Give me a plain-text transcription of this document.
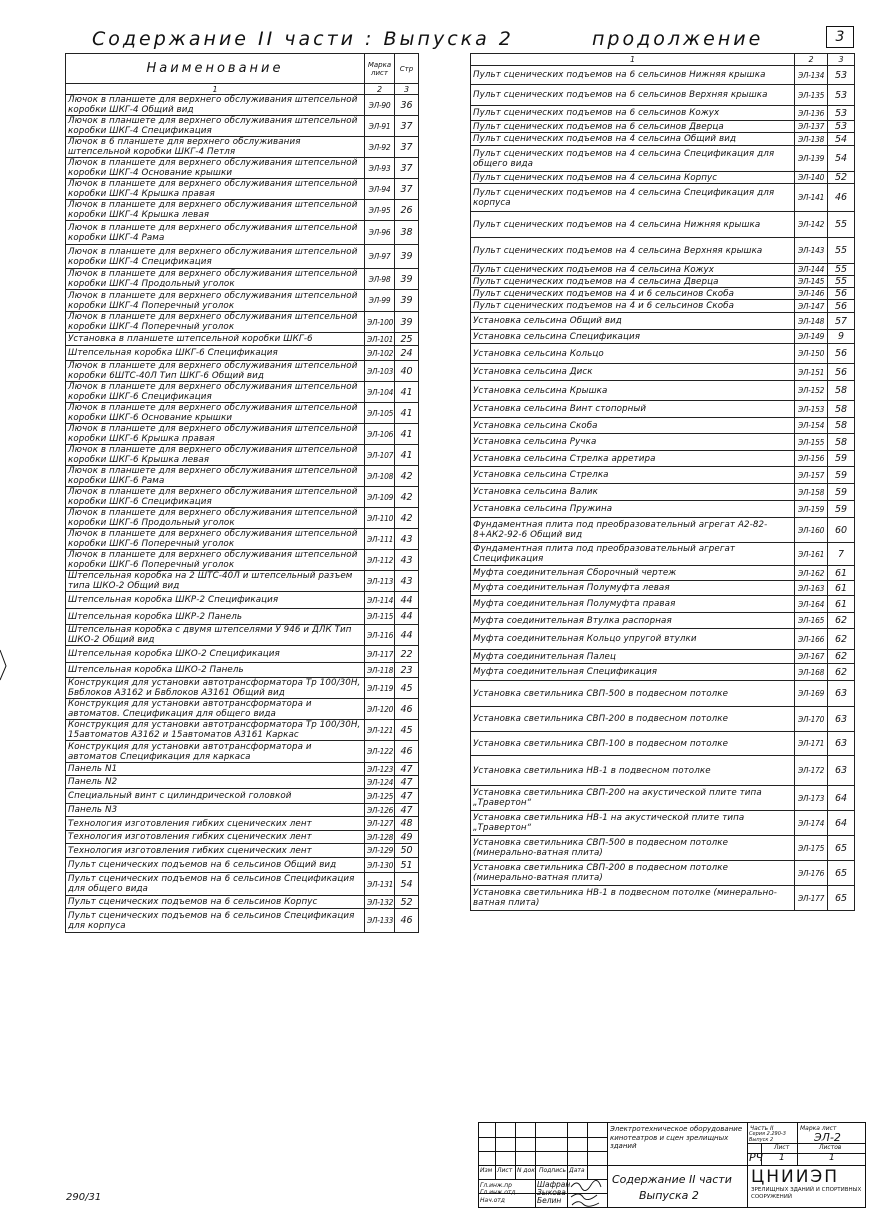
Содержание II части : Выпуска 2	продолжение	3
Наименование	Марка лист	Стр
1	2	3
Лючок в планшете для верхнего обслуживания штепсельной коробки ШКГ-4 Общий вид	ЭЛ-90	36
Лючок в планшете для верхнего обслуживания штепсельной коробки ШКГ-4 Спецификация	ЭЛ-91	37
Лючок в 6 планшете для верхнего обслуживания штепсельной коробки ШКГ-4 Петля	ЭЛ-92	37
Лючок в планшете для верхнего обслуживания штепсельной коробки ШКГ-4 Основание крышки	ЭЛ-93	37
Лючок в планшете для верхнего обслуживания штепсельной коробки ШКГ-4 Крышка правая	ЭЛ-94	37
Лючок в планшете для верхнего обслуживания штепсельной коробки ШКГ-4 Крышка левая	ЭЛ-95	26
Лючок в планшете для верхнего обслуживания штепсельной коробки ШКГ-4 Рама	ЭЛ-96	38
Лючок в планшете для верхнего обслуживания штепсельной коробки ШКГ-4 Спецификация	ЭЛ-97	39
Лючок в планшете для верхнего обслуживания штепсельной коробки ШКГ-4 Продольный уголок	ЭЛ-98	39
Лючок в планшете для верхнего обслуживания штепсельной коробки ШКГ-4 Поперечный уголок	ЭЛ-99	39
Лючок в планшете для верхнего обслуживания штепсельной коробки ШКГ-4 Поперечный уголок	ЭЛ-100	39
Установка в планшете штепсельной коробки ШКГ-6	ЭЛ-101	25
Штепсельная коробка ШКГ-6 Спецификация	ЭЛ-102	24
Лючок в планшете для верхнего обслуживания штепсельной коробки 6ШТС-40Л Тип ШКГ-6 Общий вид	ЭЛ-103	40
Лючок в планшете для верхнего обслуживания штепсельной коробки ШКГ-6 Спецификация	ЭЛ-104	41
Лючок в планшете для верхнего обслуживания штепсельной коробки ШКГ-6 Основание крышки	ЭЛ-105	41
Лючок в планшете для верхнего обслуживания штепсельной коробки ШКГ-6 Крышка правая	ЭЛ-106	41
Лючок в планшете для верхнего обслуживания штепсельной коробки ШКГ-6 Крышка левая	ЭЛ-107	41
Лючок в планшете для верхнего обслуживания штепсельной коробки ШКГ-6 Рама	ЭЛ-108	42
Лючок в планшете для верхнего обслуживания штепсельной коробки ШКГ-6 Спецификация	ЭЛ-109	42
Лючок в планшете для верхнего обслуживания штепсельной коробки ШКГ-6 Продольный уголок	ЭЛ-110	42
Лючок в планшете для верхнего обслуживания штепсельной коробки ШКГ-6 Поперечный уголок	ЭЛ-111	43
Лючок в планшете для верхнего обслуживания штепсельной коробки ШКГ-6 Поперечный уголок	ЭЛ-112	43
Штепсельная коробка на 2 ШТС-40Л и штепсельный разъем типа ШКО-2 Общий вид	ЭЛ-113	43
Штепсельная коробка ШКР-2 Спецификация	ЭЛ-114	44
Штепсельная коробка ШКР-2 Панель	ЭЛ-115	44
Штепсельная коробка с двумя штепселями У 946 и ДЛК Тип ШКО-2 Общий вид	ЭЛ-116	44
Штепсельная коробка ШКО-2 Спецификация	ЭЛ-117	22
Штепсельная коробка ШКО-2 Панель	ЭЛ-118	23
Конструкция для установки автотрансформатора Тр 100/30Н, Бвблоков А3162 и Бвблоков А3161 Общий вид	ЭЛ-119	45
Конструкция для установки автотрансформатора и автоматов. Спецификация для общего вида	ЭЛ-120	46
Конструкция для установки автотрансформатора Тр 100/30Н, 15автоматов А3162 и 15автоматов А3161 Каркас	ЭЛ-121	45
Конструкция для установки автотрансформатора и автоматов Спецификация для каркаса	ЭЛ-122	46
Панель N1	ЭЛ-123	47
Панель N2	ЭЛ-124	47
Специальный винт с цилиндрической головкой	ЭЛ-125	47
Панель N3	ЭЛ-126	47
Технология изготовления гибких сценических лент	ЭЛ-127	48
Технология изготовления гибких сценических лент	ЭЛ-128	49
Технология изготовления гибких сценических лент	ЭЛ-129	50
Пульт сценических подъемов на 6 сельсинов Общий вид	ЭЛ-130	51
Пульт сценических подъемов на 6 сельсинов Спецификация для общего вида	ЭЛ-131	54
Пульт сценических подъемов на 6 сельсинов Корпус	ЭЛ-132	52
Пульт сценических подъемов на 6 сельсинов Спецификация для корпуса	ЭЛ-133	46
1	2	3
Пульт сценических подъемов на 6 сельсинов Нижняя крышка	ЭЛ-134	53
Пульт сценических подъемов на 6 сельсинов Верхняя крышка	ЭЛ-135	53
Пульт сценических подъемов на 6 сельсинов Кожух	ЭЛ-136	53
Пульт сценических подъемов на 6 сельсинов Дверца	ЭЛ-137	53
Пульт сценических подъемов на 4 сельсина Общий вид	ЭЛ-138	54
Пульт сценических подъемов на 4 сельсина Спецификация для общего вида	ЭЛ-139	54
Пульт сценических подъемов на 4 сельсина Корпус	ЭЛ-140	52
Пульт сценических подъемов на 4 сельсина Спецификация для корпуса	ЭЛ-141	46
Пульт сценических подъемов на 4 сельсина Нижняя крышка	ЭЛ-142	55
Пульт сценических подъемов на 4 сельсина Верхняя крышка	ЭЛ-143	55
Пульт сценических подъемов на 4 сельсина Кожух	ЭЛ-144	55
Пульт сценических подъемов на 4 сельсина Дверца	ЭЛ-145	55
Пульт сценических подъемов на 4 и 6 сельсинов Скоба	ЭЛ-146	56
Пульт сценических подъемов на 4 и 6 сельсинов Скоба	ЭЛ-147	56
Установка сельсина Общий вид	ЭЛ-148	57
Установка сельсина Спецификация	ЭЛ-149	9
Установка сельсина Кольцо	ЭЛ-150	56
Установка сельсина Диск	ЭЛ-151	56
Установка сельсина Крышка	ЭЛ-152	58
Установка сельсина Винт стопорный	ЭЛ-153	58
Установка сельсина Скоба	ЭЛ-154	58
Установка сельсина Ручка	ЭЛ-155	58
Установка сельсина Стрелка арретира	ЭЛ-156	59
Установка сельсина Стрелка	ЭЛ-157	59
Установка сельсина Валик	ЭЛ-158	59
Установка сельсина Пружина	ЭЛ-159	59
Фундаментная плита под преобразовательный агрегат А2-82-8+АК2-92-6 Общий вид	ЭЛ-160	60
Фундаментная плита под преобразовательный агрегат Спецификация	ЭЛ-161	7
Муфта соединительная Сборочный чертеж	ЭЛ-162	61
Муфта соединительная Полумуфта левая	ЭЛ-163	61
Муфта соединительная Полумуфта правая	ЭЛ-164	61
Муфта соединительная Втулка распорная	ЭЛ-165	62
Муфта соединительная Кольцо упругой втулки	ЭЛ-166	62
Муфта соединительная Палец	ЭЛ-167	62
Муфта соединительная Спецификация	ЭЛ-168	62
Установка светильника СВП-500 в подвесном потолке	ЭЛ-169	63
Установка светильника СВП-200 в подвесном потолке	ЭЛ-170	63
Установка светильника СВП-100 в подвесном потолке	ЭЛ-171	63
Установка светильника НВ-1 в подвесном потолке	ЭЛ-172	63
Установка светильника СВП-200 на акустической плите типа „Травертон“	ЭЛ-173	64
Установка светильника НВ-1 на акустической плите типа „Травертон“	ЭЛ-174	64
Установка светильника СВП-500 в подвесном потолке (минерально-ватная плита)	ЭЛ-175	65
Установка светильника СВП-200 в подвесном потолке (минерально-ватная плита)	ЭЛ-176	65
Установка светильника НВ-1 в подвесном потолке (минерально-ватная плита)	ЭЛ-177	65
Изм Лист N док Подпись Дата
Гл.инж.пр
Гл.инж.отд
Нач.отд
Шафран
Зыкова
Белин
Электротехническое оборудование кинотеатров и сцен зрелищных зданий
Содержание II части
Выпуска 2
Часть II	Марка лист
Серия 2.290-3 Выпуск 2	ЭЛ-2
РЧ
Лист	Листов
1	1
ЦНИИЭП
ЗРЕЛИЩНЫХ ЗДАНИЙ И СПОРТИВНЫХ СООРУЖЕНИЙ
290/31
